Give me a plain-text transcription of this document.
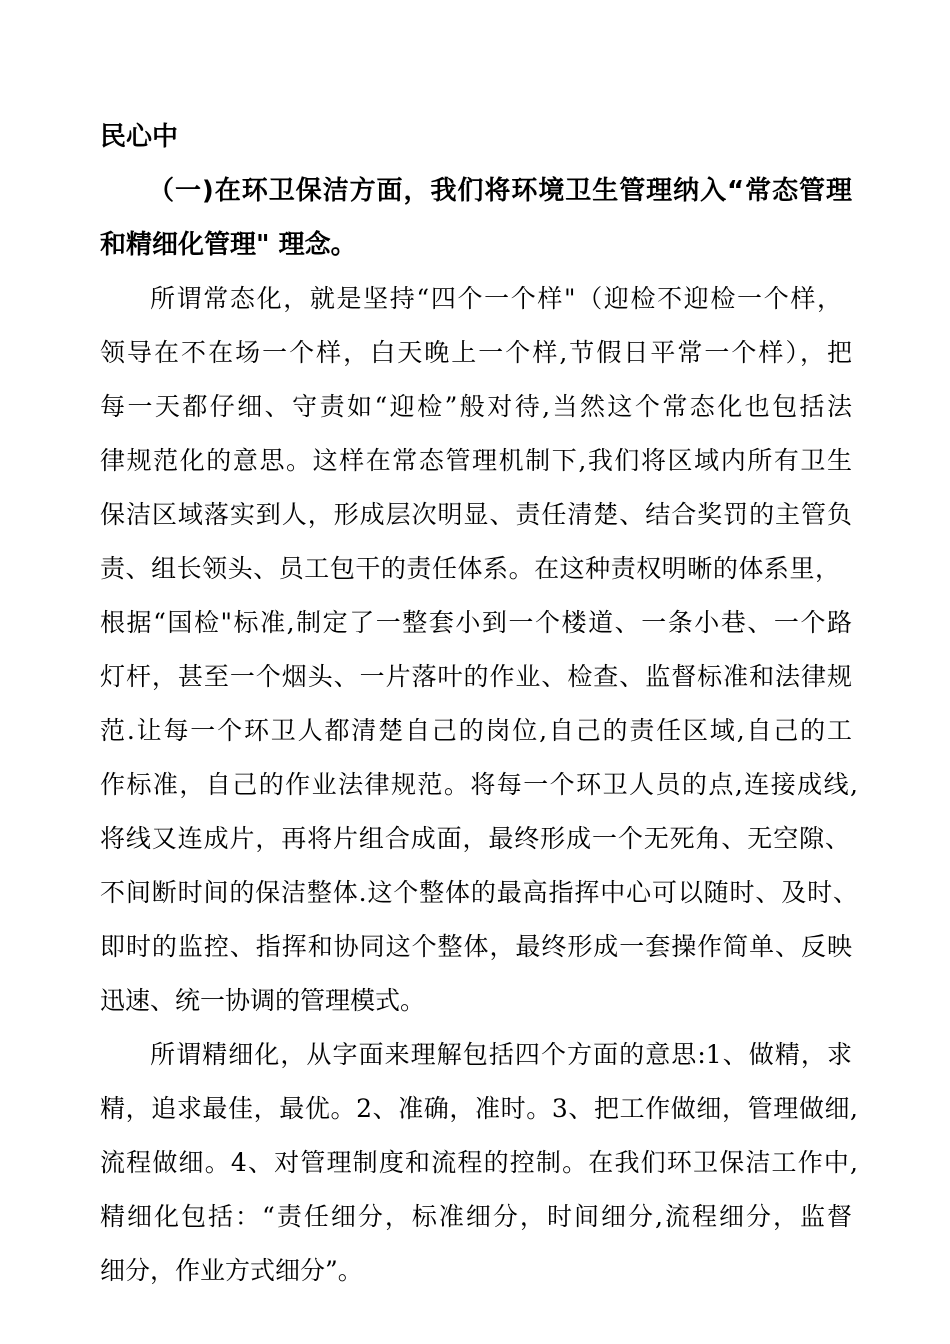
民心中
（一)在环卫保洁方面，我们将环境卫生管理纳入“常态管理
和精细化管理" 理念。
所谓常态化，就是坚持“四个一个样"（迎检不迎检一个样，
领导在不在场一个样，白天晚上一个样,节假日平常一个样），把
每一天都仔细、守责如“迎检”般对待,当然这个常态化也包括法
律规范化的意思。这样在常态管理机制下,我们将区域内所有卫生
保洁区域落实到人，形成层次明显、责任清楚、结合奖罚的主管负
责、组长领头、员工包干的责任体系。在这种责权明晰的体系里，
根据“国检"标准,制定了一整套小到一个楼道、一条小巷、一个路
灯杆，甚至一个烟头、一片落叶的作业、检查、监督标准和法律规
范.让每一个环卫人都清楚自己的岗位,自己的责任区域,自己的工
作标准，自己的作业法律规范。将每一个环卫人员的点,连接成线,
将线又连成片，再将片组合成面，最终形成一个无死角、无空隙、
不间断时间的保洁整体.这个整体的最高指挥中心可以随时、及时、
即时的监控、指挥和协同这个整体，最终形成一套操作简单、反映
迅速、统一协调的管理模式。
所谓精细化，从字面来理解包括四个方面的意思:1、做精，求
精，追求最佳，最优。2、准确，准时。3、把工作做细，管理做细,
流程做细。4、对管理制度和流程的控制。在我们环卫保洁工作中,
精细化包括：“责任细分，标准细分，时间细分,流程细分，监督
细分，作业方式细分”。
